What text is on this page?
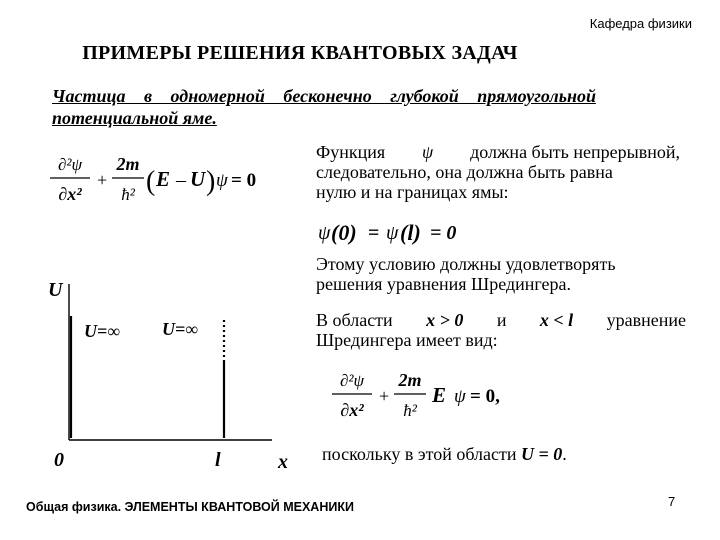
Кафедра физики
ПРИМЕРЫ РЕШЕНИЯ КВАНТОВЫХ ЗАДАЧ
Частица в одномерной бесконечно глубокой прямоугольной
потенциальной яме.
∂²ψ
∂x²
+
2m
ħ² ( E – U ) ψ = 0
Функция ψ должна быть непрерывной,
следовательно, она должна быть равна
нулю и на границах ямы:
ψ (0) = ψ (l) = 0
Этому условию должны удовлетворять
решения уравнения Шредингера.
В области x > 0 и x < l уравнение
Шредингера имеет вид:
∂²ψ
∂x²
+
2m
ħ²
E ψ = 0,
поскольку в этой области U = 0.
U
U=∞ U=∞
0	l	x
Общая физика. ЭЛЕМЕНТЫ КВАНТОВОЙ МЕХАНИКИ	7
